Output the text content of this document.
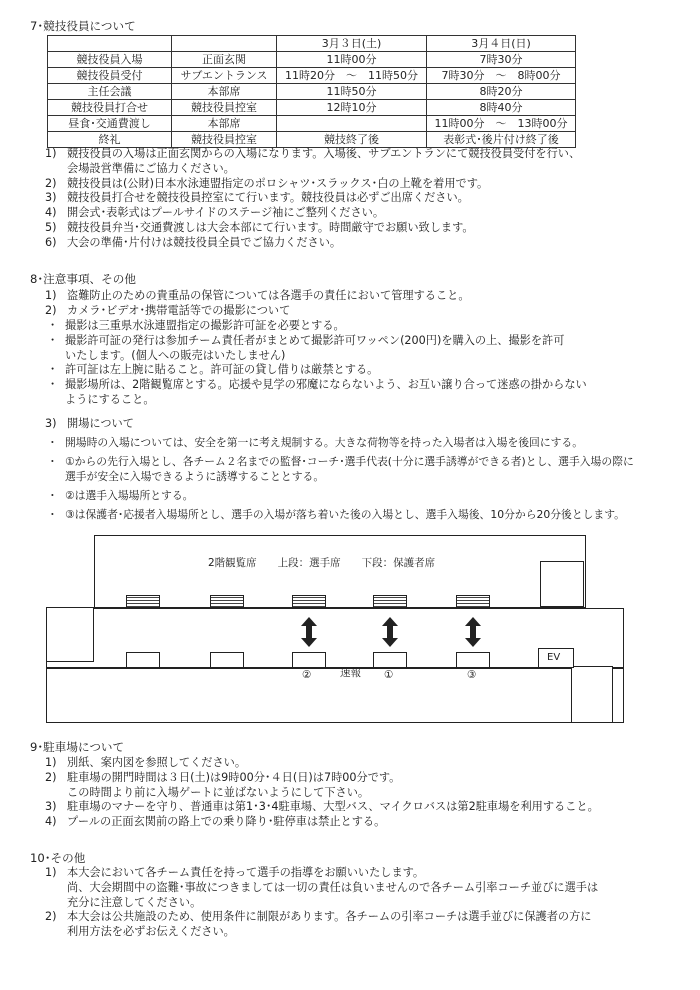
7･競技役員について
		3月３日(土)	3月４日(日)
競技役員入場	正面玄関	11時00分	7時30分
競技役員受付	サブエントランス	11時20分　～　11時50分	7時30分　～　8時00分
主任会議	本部席	11時50分	8時20分
競技役員打合せ	競技役員控室	12時10分	8時40分
昼食･交通費渡し	本部席		11時00分　～　13時00分
終礼	競技役員控室	競技終了後	表彰式･後片付け終了後
1) 競技役員の入場は正面玄関からの入場になります。入場後、サブエントランにて競技役員受付を行い、
会場設営準備にご協力ください。
2) 競技役員は(公財)日本水泳連盟指定のポロシャツ･スラックス･白の上靴を着用です。
3) 競技役員打合せを競技役員控室にて行います。競技役員は必ずご出席ください。
4) 開会式･表彰式はプールサイドのステージ袖にご整列ください。
5) 競技役員弁当･交通費渡しは大会本部にて行います。時間厳守でお願い致します。
6) 大会の準備･片付けは競技役員全員でご協力ください。
8･注意事項、その他
1) 盗難防止のための貴重品の保管については各選手の責任において管理すること。
2) カメラ･ビデオ･携帯電話等での撮影について
・ 撮影は三重県水泳連盟指定の撮影許可証を必要とする。
・ 撮影許可証の発行は参加チーム責任者がまとめて撮影許可ワッペン(200円)を購入の上、撮影を許可
いたします。(個人への販売はいたしません)
・ 許可証は左上腕に貼ること。許可証の貸し借りは厳禁とする。
・ 撮影場所は、2階観覧席とする。応援や見学の邪魔にならないよう、お互い譲り合って迷惑の掛からない
ようにすること。
3) 開場について
・ 開場時の入場については、安全を第一に考え規制する。大きな荷物等を持った入場者は入場を後回にする。
・ ①からの先行入場とし、各チーム２名までの監督･コーチ･選手代表(十分に選手誘導ができる者)とし、選手入場の際に
選手が安全に入場できるように誘導することとする。
・ ②は選手入場場所とする。
・ ③は保護者･応援者入場場所とし、選手の入場が落ち着いた後の入場とし、選手入場後、10分から20分後とします。
2階観覧席　　上段：選手席　　下段：保護者席
EV
②	速報 ①	③
9･駐車場について
1) 別紙、案内図を参照してください。
2) 駐車場の開門時間は３日(土)は9時00分･４日(日)は7時00分です。
この時間より前に入場ゲートに並ばないようにして下さい。
3) 駐車場のマナーを守り、普通車は第1･3･4駐車場、大型バス、マイクロバスは第2駐車場を利用すること。
4) プールの正面玄関前の路上での乗り降り･駐停車は禁止とする。
10･その他
1) 本大会において各チーム責任を持って選手の指導をお願いいたします。
尚、大会期間中の盗難･事故につきましては一切の責任は負いませんので各チーム引率コーチ並びに選手は
充分に注意してください。
2) 本大会は公共施設のため、使用条件に制限があります。各チームの引率コーチは選手並びに保護者の方に
利用方法を必ずお伝えください。
